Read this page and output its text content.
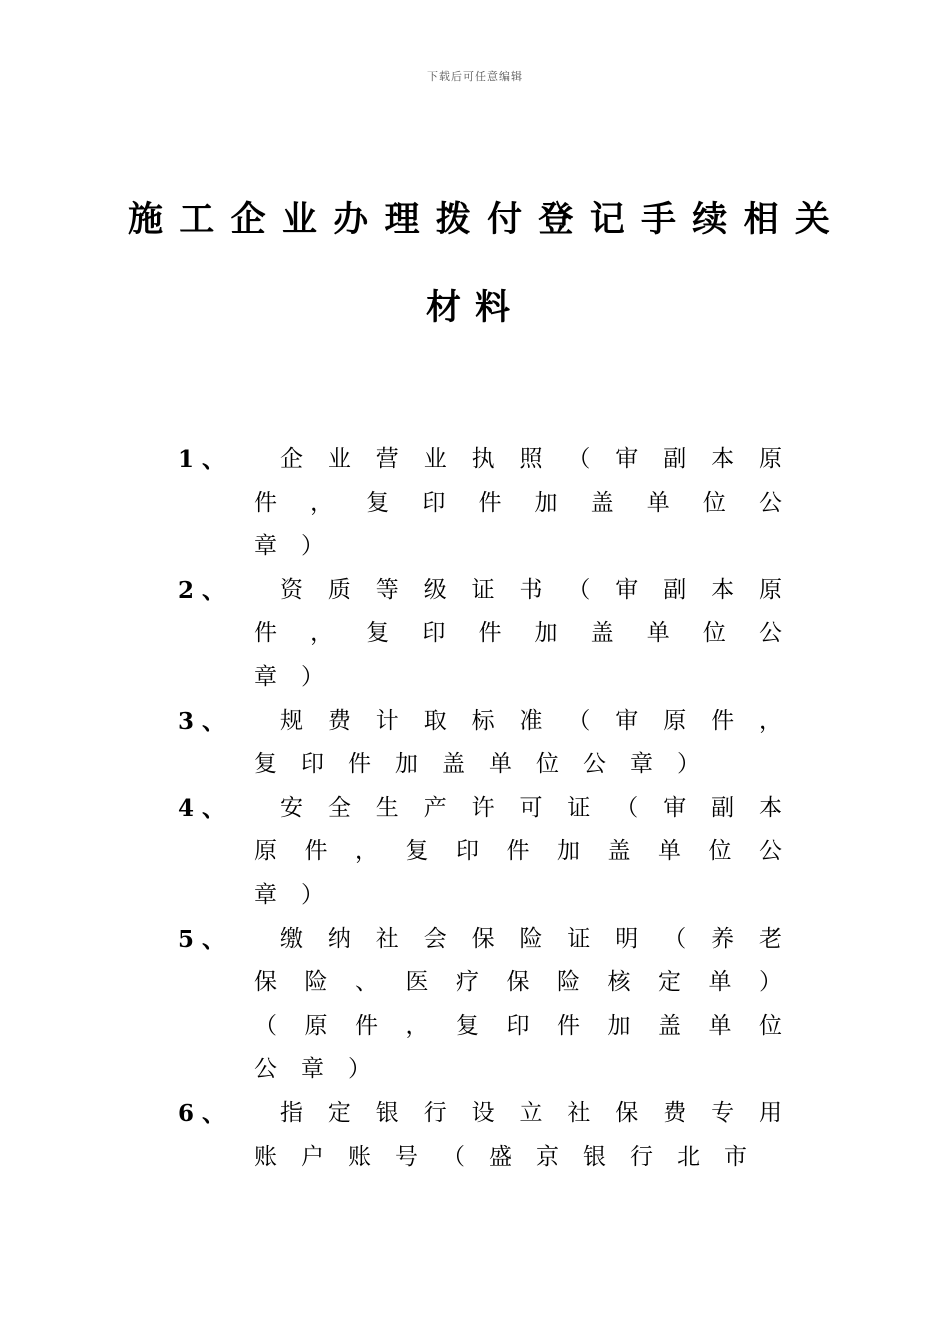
下载后可任意编辑
施工企业办理拨付登记手续相关
材料
1、	企业营业执照（审副本原件，复印件加盖单位公章）
2、	资质等级证书（审副本原件，复印件加盖单位公章）
3、	规费计取标准（审原件，复印件加盖单位公章）
4、	安全生产许可证（审副本原件，复印件加盖单位公章）
5、	缴纳社会保险证明（养老保险、医疗保险核定单）（原件，复印件加盖单位公章）
6、	指定银行设立社保费专用账户账号（盛京银行北市
